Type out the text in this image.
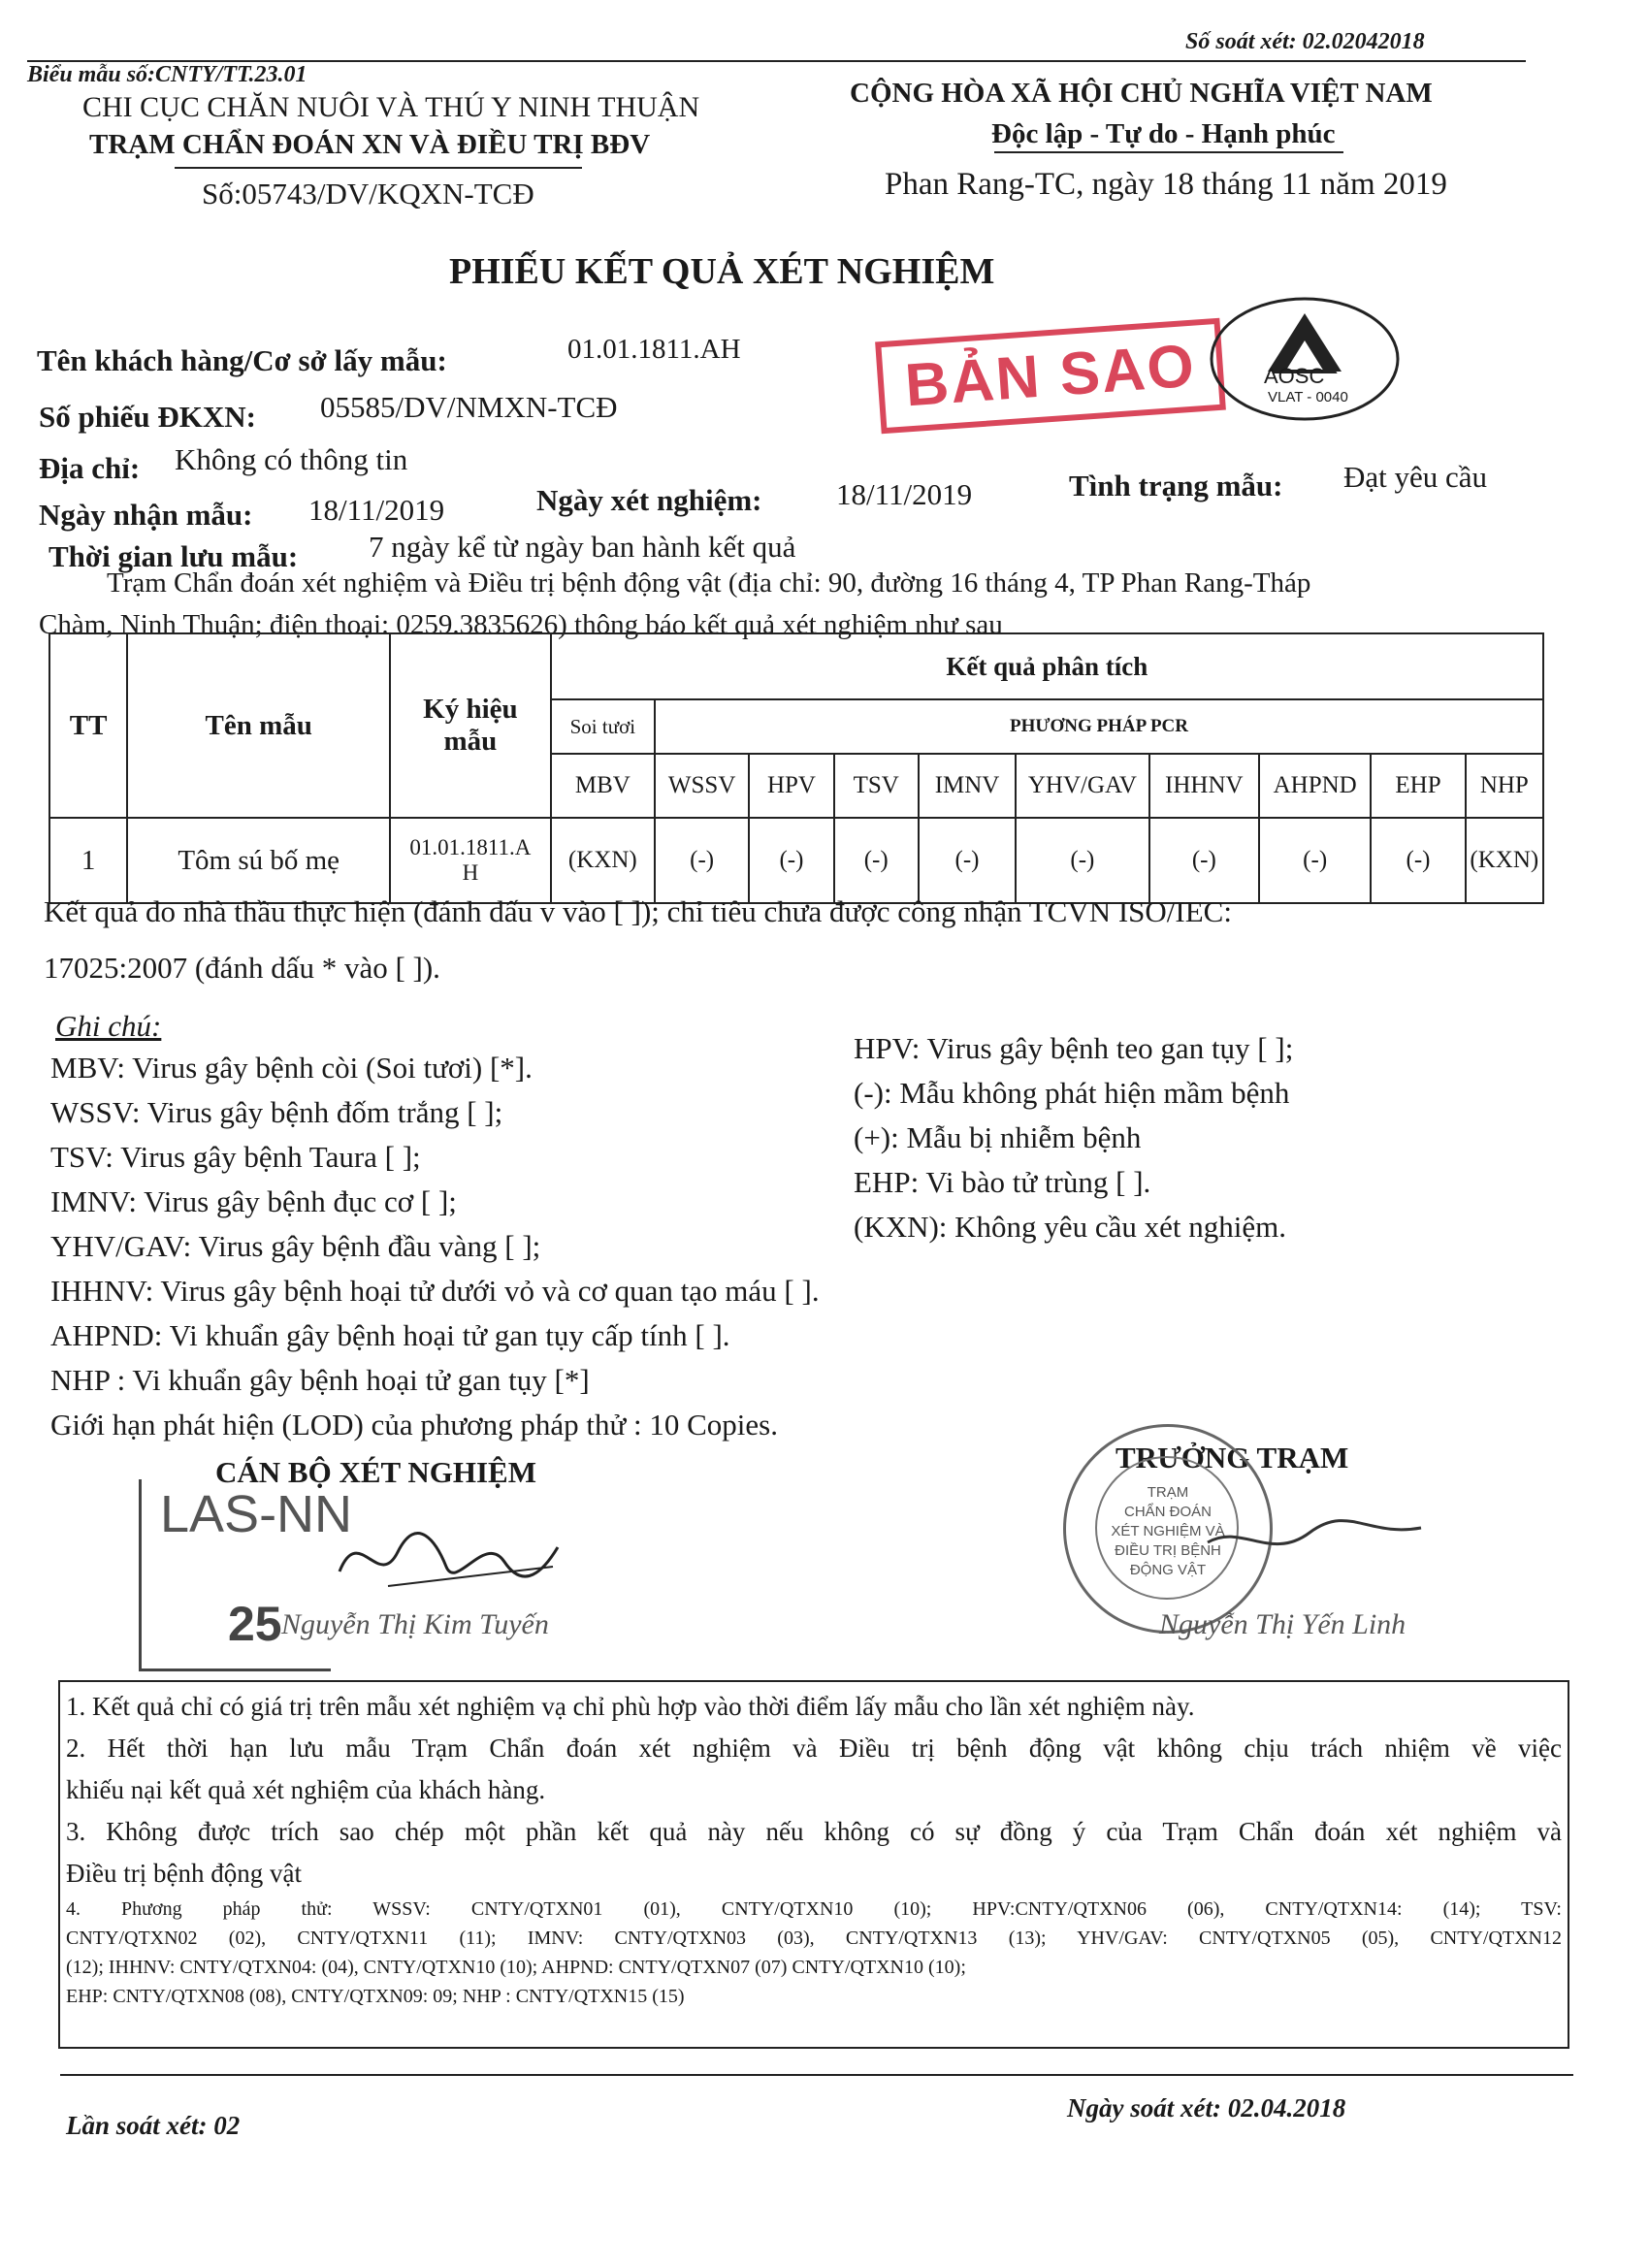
Biểu mẫu số:CNTY/TT.23.01
Số soát xét: 02.02042018
CHI CỤC CHĂN NUÔI VÀ THÚ Y NINH THUẬN
TRẠM CHẨN ĐOÁN XN VÀ ĐIỀU TRỊ BĐV
Số:05743/DV/KQXN-TCĐ
CỘNG HÒA XÃ HỘI CHỦ NGHĨA VIỆT NAM
Độc lập - Tự do - Hạnh phúc
Phan Rang-TC, ngày 18 tháng 11 năm 2019
PHIẾU KẾT QUẢ XÉT NGHIỆM
BẢN SAO	AOSC
VLAT - 0040
Tên khách hàng/Cơ sở lấy mẫu:	01.01.1811.AH
Số phiếu ĐKXN: 05585/DV/NMXN-TCĐ
Địa chỉ: Không có thông tin
Ngày nhận mẫu: 18/11/2019	Ngày xét nghiệm: 18/11/2019	Tình trạng mẫu: Đạt yêu cầu
Thời gian lưu mẫu: 7 ngày kể từ ngày ban hành kết quả
Trạm Chẩn đoán xét nghiệm và Điều trị bệnh động vật (địa chỉ: 90, đường 16 tháng 4, TP Phan Rang-Tháp
Chàm, Ninh Thuận; điện thoại: 0259.3835626) thông báo kết quả xét nghiệm như sau
TT	Tên mẫu	Ký hiệu mẫu	Kết quả phân tích									
			Soi tươi	PHƯƠNG PHÁP PCR								
			MBV	WSSV	HPV	TSV	IMNV	YHV/GAV	IHHNV	AHPND	EHP	NHP
1	Tôm sú bố mẹ	01.01.1811.AH	(KXN)	(-)	(-)	(-)	(-)	(-)	(-)	(-)	(-)	(KXN)
Kết quả do nhà thầu thực hiện (đánh dấu v vào [ ]); chỉ tiêu chưa được công nhận TCVN ISO/IEC:
17025:2007 (đánh dấu * vào [ ]).
Ghi chú:
MBV: Virus gây bệnh còi (Soi tươi) [*].
WSSV: Virus gây bệnh đốm trắng [ ];
TSV: Virus gây bệnh Taura [ ];
IMNV: Virus gây bệnh đục cơ [ ];
YHV/GAV: Virus gây bệnh đầu vàng [ ];
IHHNV: Virus gây bệnh hoại tử dưới vỏ và cơ quan tạo máu [ ].
AHPND: Vi khuẩn gây bệnh hoại tử gan tụy cấp tính [ ].
NHP : Vi khuẩn gây bệnh hoại tử gan tụy [*]
Giới hạn phát hiện (LOD) của phương pháp thử : 10 Copies.
HPV: Virus gây bệnh teo gan tụy [ ];
(-): Mẫu không phát hiện mầm bệnh
(+): Mẫu bị nhiễm bệnh
EHP: Vi bào tử trùng [ ].
(KXN): Không yêu cầu xét nghiệm.
CÁN BỘ XÉT NGHIỆM
LAS-NN
25 Nguyễn Thị Kim Tuyến
TRƯỞNG TRẠM
TRẠM
CHẨN ĐOÁN
XÉT NGHIỆM VÀ
ĐIỀU TRỊ BỆNH
ĐỘNG VẬT
Nguyễn Thị Yến Linh
1. Kết quả chỉ có giá trị trên mẫu xét nghiệm vạ chỉ phù hợp vào thời điểm lấy mẫu cho lần xét nghiệm này.
2. Hết thời hạn lưu mẫu Trạm Chẩn đoán xét nghiệm và Điều trị bệnh động vật không chịu trách nhiệm về việc
khiếu nại kết quả xét nghiệm của khách hàng.
3. Không được trích sao chép một phần kết quả này nếu không có sự đồng ý của Trạm Chẩn đoán xét nghiệm và
Điều trị bệnh động vật
4. Phương pháp thử: WSSV: CNTY/QTXN01 (01), CNTY/QTXN10 (10); HPV:CNTY/QTXN06 (06), CNTY/QTXN14: (14); TSV:
CNTY/QTXN02 (02), CNTY/QTXN11 (11); IMNV: CNTY/QTXN03 (03), CNTY/QTXN13 (13); YHV/GAV: CNTY/QTXN05 (05), CNTY/QTXN12
(12); IHHNV: CNTY/QTXN04: (04), CNTY/QTXN10 (10); AHPND: CNTY/QTXN07 (07) CNTY/QTXN10 (10);
EHP: CNTY/QTXN08 (08), CNTY/QTXN09: 09; NHP : CNTY/QTXN15 (15)
Lần soát xét: 02
Ngày soát xét: 02.04.2018
